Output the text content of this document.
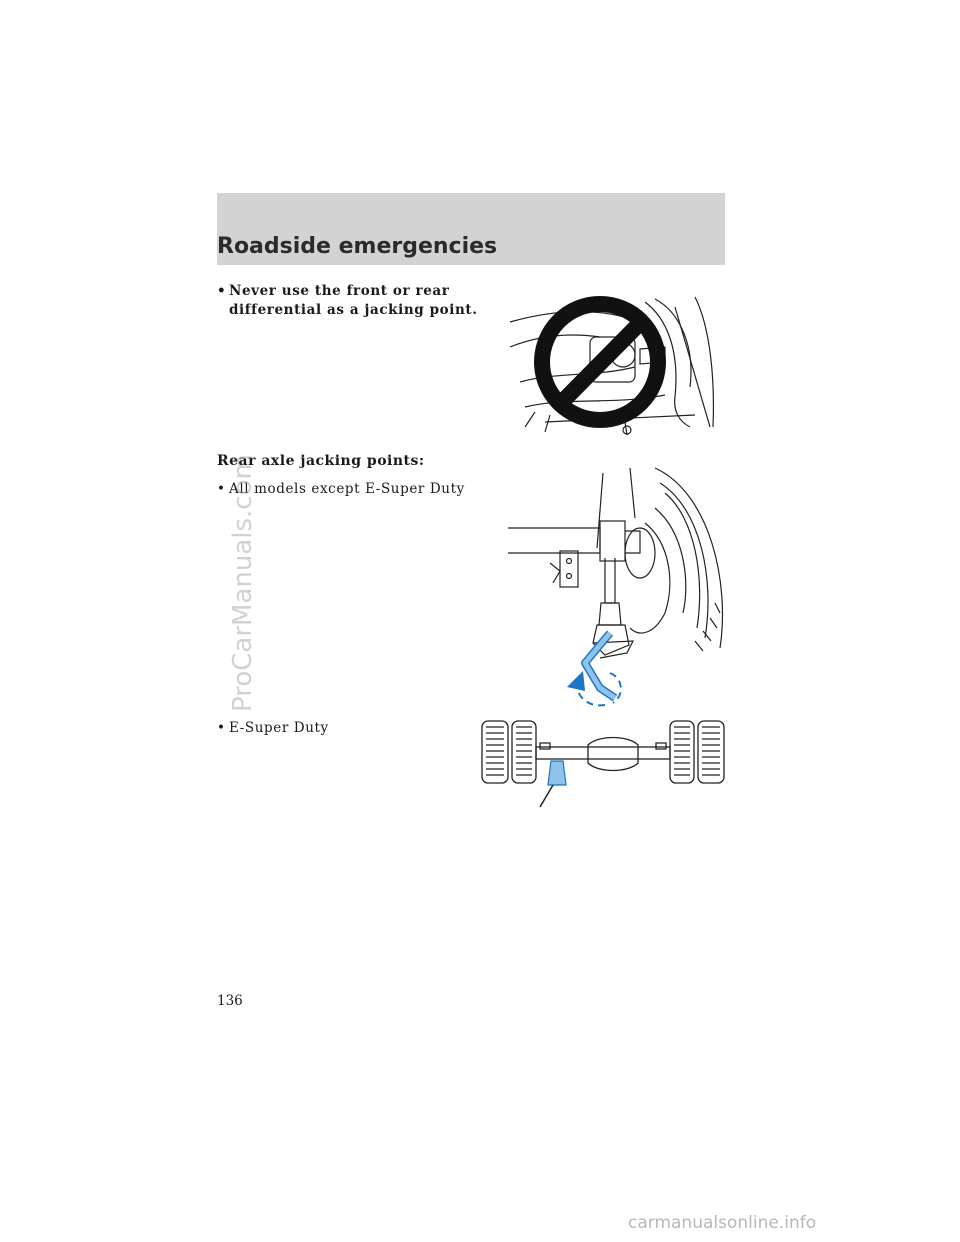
Roadside emergencies
• Never use the front or rear
differential as a jacking point.
Rear axle jacking points:
• All models except E-Super Duty
• E-Super Duty
136
ProCarManuals.com
carmanualsonline.info
